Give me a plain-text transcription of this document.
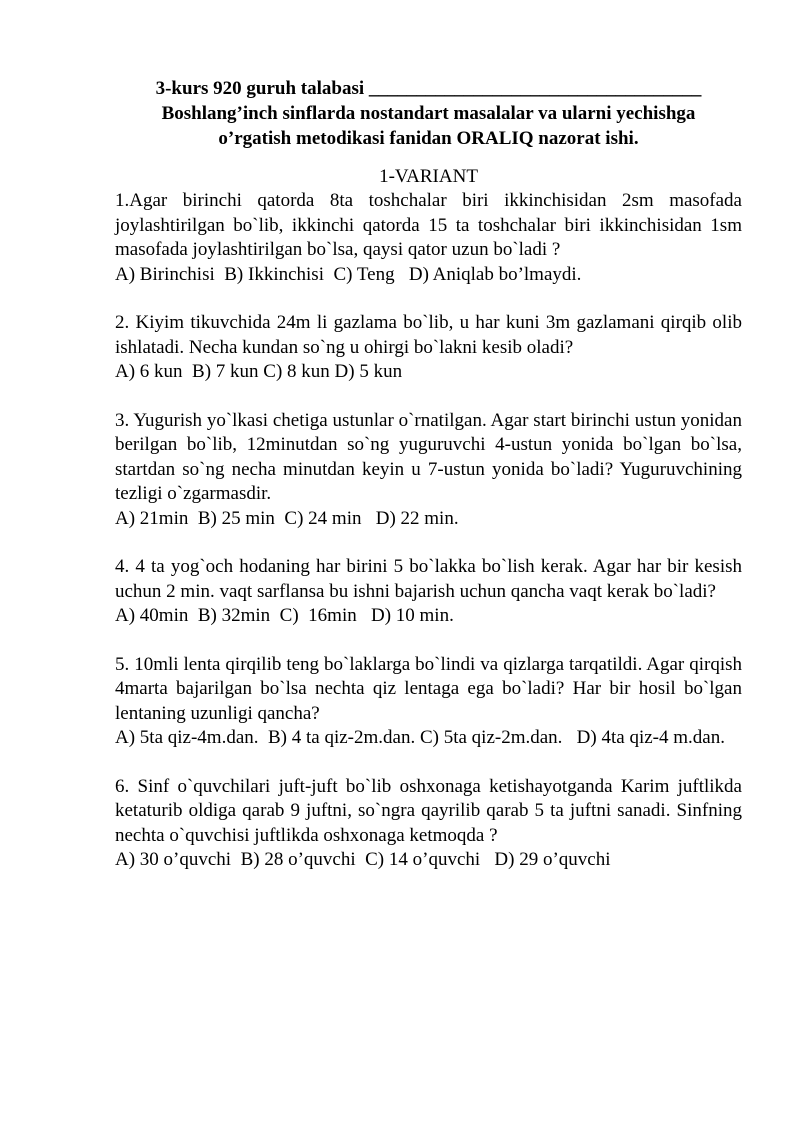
3-kurs 920 guruh talabasi ___________________________________
Boshlang’inch sinflarda nostandart masalalar va ularni yechishga
o’rgatish metodikasi fanidan ORALIQ nazorat ishi.
1-VARIANT
1.Agar birinchi qatorda 8ta toshchalar biri ikkinchisidan 2sm masofada joylashtirilgan bo`lib, ikkinchi qatorda 15 ta toshchalar biri ikkinchisidan 1sm masofada joylashtirilgan bo`lsa, qaysi qator uzun bo`ladi ?
A) Birinchisi  B) Ikkinchisi  C) Teng   D) Aniqlab bo’lmaydi.
2. Kiyim tikuvchida 24m li gazlama bo`lib, u har kuni 3m gazlamani qirqib olib ishlatadi. Necha kundan so`ng u ohirgi bo`lakni kesib oladi?
A) 6 kun  B) 7 kun C) 8 kun D) 5 kun
3. Yugurish yo`lkasi chetiga ustunlar o`rnatilgan. Agar start birinchi ustun yonidan berilgan bo`lib, 12minutdan so`ng yuguruvchi 4-ustun yonida bo`lgan bo`lsa, startdan so`ng necha minutdan keyin u 7-ustun yonida bo`ladi? Yuguruvchining tezligi o`zgarmasdir.
A) 21min  B) 25 min  C) 24 min   D) 22 min.
4. 4 ta yog`och hodaning har birini 5 bo`lakka bo`lish kerak. Agar har bir kesish uchun 2 min. vaqt sarflansa bu ishni bajarish uchun qancha vaqt kerak bo`ladi?
A) 40min  B) 32min  C)  16min   D) 10 min.
5. 10mli lenta qirqilib teng bo`laklarga bo`lindi va qizlarga tarqatildi. Agar qirqish 4marta bajarilgan bo`lsa nechta qiz lentaga ega bo`ladi? Har bir hosil bo`lgan lentaning uzunligi qancha?
A) 5ta qiz-4m.dan.  B) 4 ta qiz-2m.dan. C) 5ta qiz-2m.dan.   D) 4ta qiz-4 m.dan.
6. Sinf o`quvchilari juft-juft bo`lib oshxonaga ketishayotganda Karim juftlikda ketaturib oldiga qarab 9 juftni, so`ngra qayrilib qarab 5 ta juftni sanadi. Sinfning nechta o`quvchisi juftlikda oshxonaga ketmoqda ?
A) 30 o’quvchi  B) 28 o’quvchi  C) 14 o’quvchi   D) 29 o’quvchi
